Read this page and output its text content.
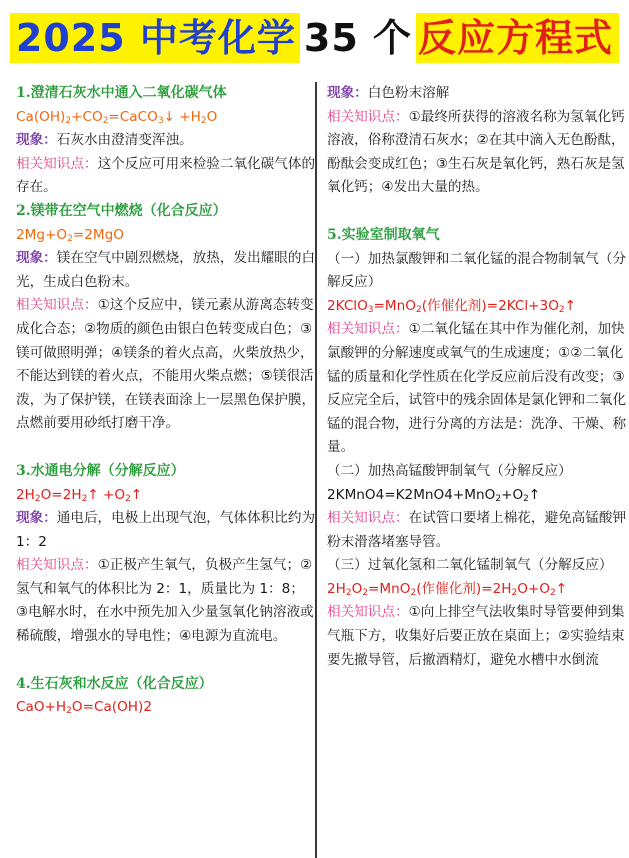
2025 中考化学 35 个 反应方程式

1.澄清石灰水中通入二氧化碳气体

$Ca(OH)_2+CO_2=CaCO_3↓ +H_2O$

现象：石灰水由澄清变浑浊。

相关知识点：这个反应可用来检验二氧化碳气体的存在。

2.镁带在空气中燃烧（化合反应）

$2Mg+O_2=2MgO$

现象：镁在空气中剧烈燃烧，放热，发出耀眼的白光，生成白色粉末。

相关知识点：①这个反应中，镁元素从游离态转变成化合态；②物质的颜色由银白色转变成白色；③镁可做照明弹；④镁条的着火点高，火柴放热少，不能达到镁的着火点，不能用火柴点燃；⑤镁很活泼，为了保护镁，在镁表面涂上一层黑色保护膜，点燃前要用砂纸打磨干净。

3.水通电分解（分解反应）

$2H_2O=2H_2↑$ $+O_2↑$

现象：通电后，电极上出现气泡，气体体积比约为 1：2

相关知识点：①正极产生氧气，负极产生氢气；②氢气和氧气的体积比为 2：1，质量比为 1：8；③电解水时，在水中预先加入少量氢氧化钠溶液或稀硫酸，增强水的导电性；④电源为直流电。

4.生石灰和水反应（化合反应）

$CaO+H_2O=Ca(OH)2$

现象：白色粉末溶解

相关知识点：①最终所获得的溶液名称为氢氧化钙溶液，俗称澄清石灰水；②在其中滴入无色酚酞，酚酞会变成红色；③生石灰是氧化钙，熟石灰是氢氧化钙；④发出大量的热。

5.实验室制取氧气

（一）加热氯酸钾和二氧化锰的混合物制氧气（分解反应）

2KClO$_3$=MnO$_2$(作催化剂)$=2KCl+3O_2↑$

相关知识点：①二氧化锰在其中作为催化剂，加快氯酸钾的分解速度或氧气的生成速度；①②二氧化锰的质量和化学性质在化学反应前后没有改变；③反应完全后，试管中的残余固体是氯化钾和二氧化锰的混合物，进行分离的方法是：洗净、干燥、称量。

（二）加热高锰酸钾制氧气（分解反应）

$2KMnO4=K2MnO4+MnO_2+O_2↑$

相关知识点：在试管口要堵上棉花，避免高锰酸钾粉末滑落堵塞导管。

（三）过氧化氢和二氧化锰制氧气（分解反应）

$2H_2O_2=MnO_2$(作催化剂)$=2H_2O+O_2↑$

相关知识点：①向上排空气法收集时导管要伸到集气瓶下方，收集好后要正放在桌面上；②实验结束要先撤导管，后撤酒精灯，避免水槽中水倒流
